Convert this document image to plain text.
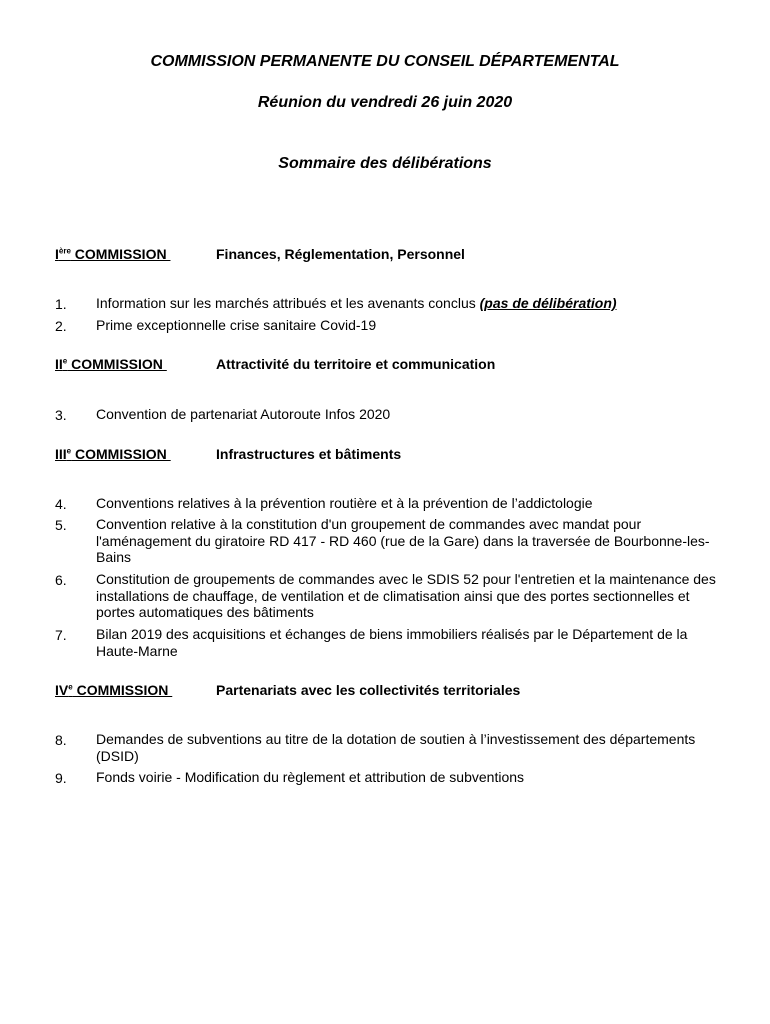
COMMISSION PERMANENTE DU CONSEIL DÉPARTEMENTAL
Réunion du vendredi 26 juin 2020
Sommaire des délibérations
Ière COMMISSION	Finances, Réglementation, Personnel
1. Information sur les marchés attribués et les avenants conclus (pas de délibération)
2. Prime exceptionnelle crise sanitaire Covid-19
IIe COMMISSION	Attractivité du territoire et communication
3. Convention de partenariat Autoroute Infos 2020
IIIe COMMISSION	Infrastructures et bâtiments
4. Conventions relatives à la prévention routière et à la prévention de l’addictologie
5. Convention relative à la constitution d'un groupement de commandes avec mandat pour l'aménagement du giratoire RD 417 - RD 460 (rue de la Gare) dans la traversée de Bourbonne-les-Bains
6. Constitution de groupements de commandes avec le SDIS 52 pour l'entretien et la maintenance des installations de chauffage, de ventilation et de climatisation ainsi que des portes sectionnelles et portes automatiques des bâtiments
7. Bilan 2019 des acquisitions et échanges de biens immobiliers réalisés par le Département de la Haute-Marne
IVe COMMISSION	Partenariats avec les collectivités territoriales
8. Demandes de subventions au titre de la dotation de soutien à l’investissement des départements (DSID)
9. Fonds voirie - Modification du règlement et attribution de subventions
